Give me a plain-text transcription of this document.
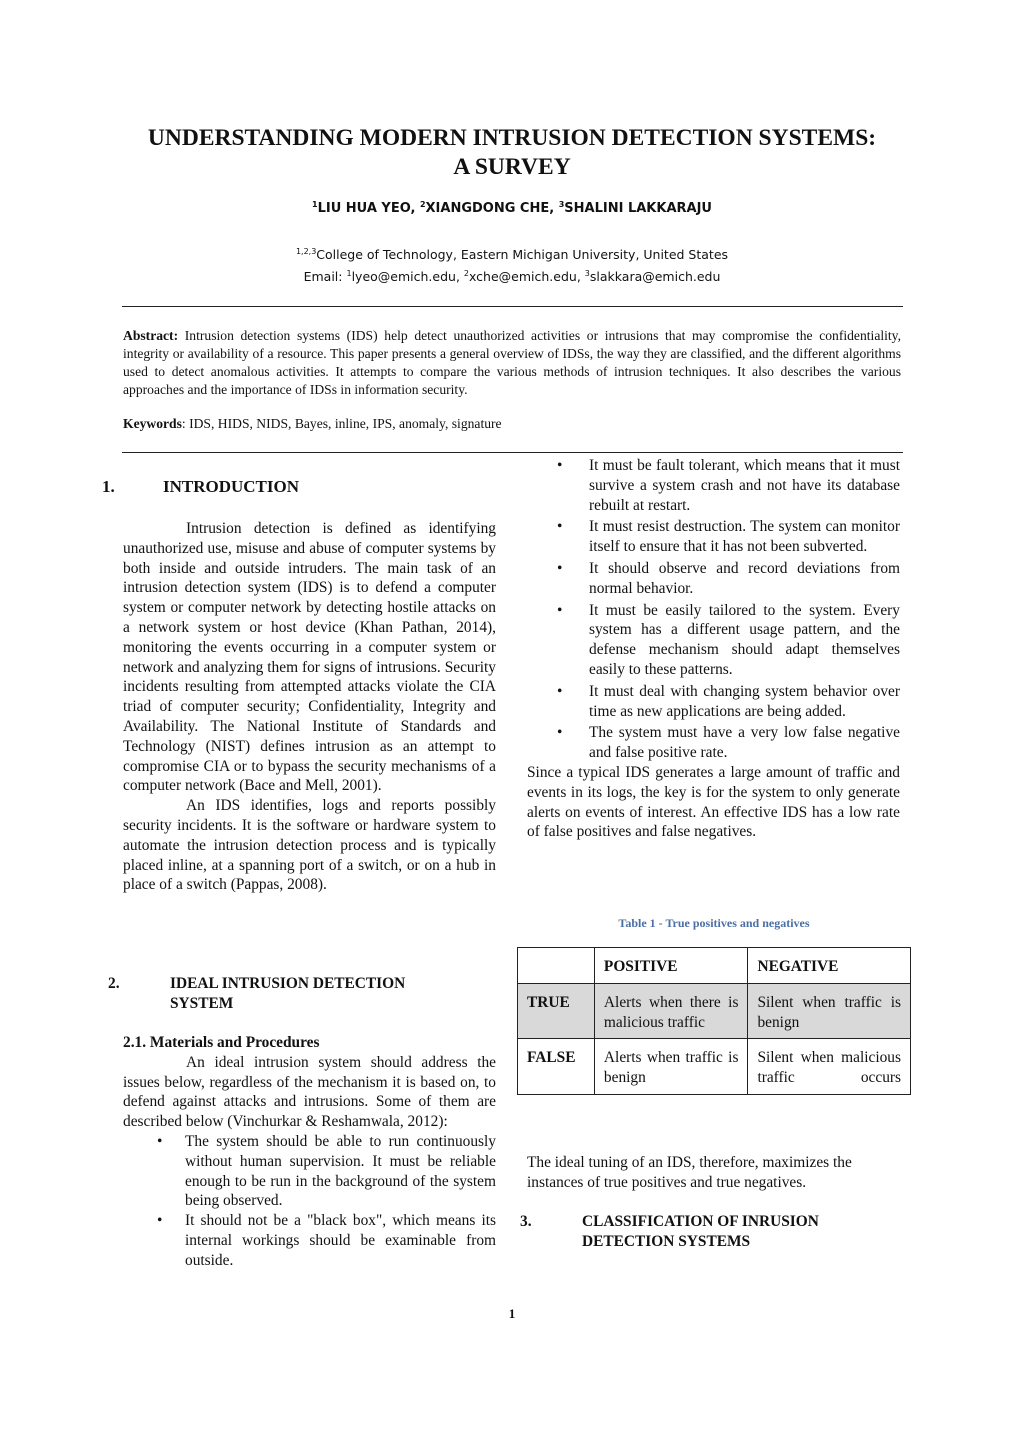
UNDERSTANDING MODERN INTRUSION DETECTION SYSTEMS:
A SURVEY
$^1$LIU HUA YEO, $^2$XIANGDONG CHE, $^3$SHALINI LAKKARAJU
$^{1,2,3}$College of Technology, Eastern Michigan University, United States
Email: $^1$lyeo@emich.edu, $^2$xche@emich.edu, $^3$slakkara@emich.edu
Abstract: Intrusion detection systems (IDS) help detect unauthorized activities or intrusions that may compromise the confidentiality, integrity or availability of a resource. This paper presents a general overview of IDSs, the way they are classified, and the different algorithms used to detect anomalous activities. It attempts to compare the various methods of intrusion techniques. It also describes the various approaches and the importance of IDSs in information security.
Keywords: IDS, HIDS, NIDS, Bayes, inline, IPS, anomaly, signature
1.	INTRODUCTION

Intrusion detection is defined as identifying unauthorized use, misuse and abuse of computer systems by both inside and outside intruders. The main task of an intrusion detection system (IDS) is to defend a computer system or computer network by detecting hostile attacks on a network system or host device (Khan Pathan, 2014), monitoring the events occurring in a computer system or network and analyzing them for signs of intrusions. Security incidents resulting from attempted attacks violate the CIA triad of computer security; Confidentiality, Integrity and Availability. The National Institute of Standards and Technology (NIST) defines intrusion as an attempt to compromise CIA or to bypass the security mechanisms of a computer network (Bace and Mell, 2001).

An IDS identifies, logs and reports possibly security incidents. It is the software or hardware system to automate the intrusion detection process and is typically placed inline, at a spanning port of a switch, or on a hub in place of a switch (Pappas, 2008).

2.	IDEAL INTRUSION DETECTION
SYSTEM
2.1. Materials and Procedures

An ideal intrusion system should address the issues below, regardless of the mechanism it is based on, to defend against attacks and intrusions. Some of them are described below (Vinchurkar & Reshamwala, 2012):

• The system should be able to run continuously without human supervision. It must be reliable enough to be run in the background of the system being observed.
• It should not be a "black box", which means its internal workings should be examinable from outside.
• It must be fault tolerant, which means that it must survive a system crash and not have its database rebuilt at restart.
• It must resist destruction. The system can monitor itself to ensure that it has not been subverted.
• It should observe and record deviations from normal behavior.
• It must be easily tailored to the system. Every system has a different usage pattern, and the defense mechanism should adapt themselves easily to these patterns.
• It must deal with changing system behavior over time as new applications are being added.
• The system must have a very low false negative and false positive rate.

Since a typical IDS generates a large amount of traffic and events in its logs, the key is for the system to only generate alerts on events of interest. An effective IDS has a low rate of false positives and false negatives.

Table 1 - True positives and negatives
	POSITIVE	NEGATIVE
TRUE	Alerts when there is malicious traffic	Silent when traffic is benign
FALSE	Alerts when traffic is benign	Silent when malicious traffic occurs

The ideal tuning of an IDS, therefore, maximizes the instances of true positives and true negatives.

3.	CLASSIFICATION OF INRUSION
DETECTION SYSTEMS
1
